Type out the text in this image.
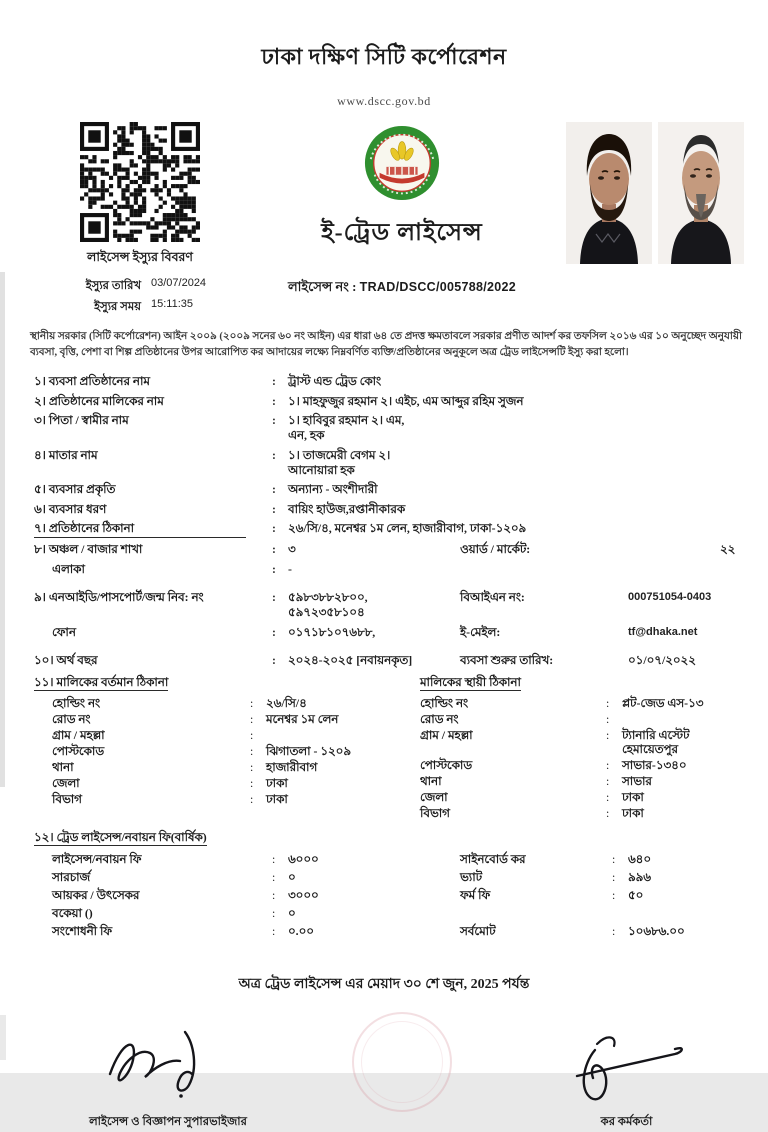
ঢাকা দক্ষিণ সিটি কর্পোরেশন
www.dscc.gov.bd
লাইসেন্স ইস্যুর বিবরণ
ইস্যুর তারিখ 03/07/2024
ইস্যুর সময় 15:11:35
ই-ট্রেড লাইসেন্স
লাইসেন্স নং : TRAD/DSCC/005788/2022
স্থানীয় সরকার (সিটি কর্পোরেশন) আইন ২০০৯ (২০০৯ সনের ৬০ নং আইন) এর ধারা ৬৪ তে প্রদত্ত ক্ষমতাবলে সরকার প্রণীত আদর্শ কর তফসিল ২০১৬ এর ১০ অনুচ্ছেদ অনুযায়ী ব্যবসা, বৃত্তি, পেশা বা শিল্প প্রতিষ্ঠানের উপর আরোপিত কর আদায়ের লক্ষ্যে নিম্নবর্ণিত ব্যক্তি/প্রতিষ্ঠানের অনুকূলে অত্র ট্রেড লাইসেন্সটি ইস্যু করা হলো।
১। ব্যবসা প্রতিষ্ঠানের নাম	:	ট্রাস্ট এন্ড ট্রেড কোং
২। প্রতিষ্ঠানের মালিকের নাম	:	১। মাহফুজুর রহমান ২। এইচ, এম আব্দুর রহিম সুজন
৩। পিতা / স্বামীর নাম	:	১। হাবিবুর রহমান ২। এম,
এন, হক
৪। মাতার নাম	:	১। তাজমেরী বেগম ২।
আনোয়ারা হক
৫। ব্যবসার প্রকৃতি	:	অন্যান্য - অংশীদারী
৬। ব্যবসার ধরণ	:	বায়িং হাউজ,রপ্তানীকারক
৭। প্রতিষ্ঠানের ঠিকানা	:	২৬/সি/৪, মনেশ্বর ১ম লেন, হাজারীবাগ, ঢাকা-১২০৯
৮। অঞ্চল / বাজার শাখা	:	৩	ওয়ার্ড / মার্কেট:	২২
এলাকা	:	-
৯। এনআইডি/পাসপোর্ট/জন্ম নিব: নং	:	৫৯৮৩৮৮২৮০০,
৫৯৭২৩৫৮১০৪
বিআইএন নং:	000751054-0403
ফোন	:	০১৭১৮১০৭৬৮৮,	ই-মেইল:	tf@dhaka.net
১০। অর্থ বছর	:	২০২৪-২০২৫ [নবায়নকৃত]	ব্যবসা শুরুর তারিখ:	০১/০৭/২০২২
১১। মালিকের বর্তমান ঠিকানা
হোল্ডিং নং	:	২৬/সি/৪
রোড নং	:	মনেশ্বর ১ম লেন
গ্রাম / মহল্লা	:
পোস্টকোড	:	ঝিগাতলা - ১২০৯
থানা	:	হাজারীবাগ
জেলা	:	ঢাকা
বিভাগ	:	ঢাকা
মালিকের স্থায়ী ঠিকানা
হোল্ডিং নং	:	প্লট-জেড এস-১৩
রোড নং	:
গ্রাম / মহল্লা	:	ট্যানারি এস্টেট হেমায়েতপুর
পোস্টকোড	:	সাভার-১৩৪০
থানা	:	সাভার
জেলা	:	ঢাকা
বিভাগ	:	ঢাকা
১২। ট্রেড লাইসেন্স/নবায়ন ফি(বার্ষিক)
লাইসেন্স/নবায়ন ফি	:	৬০০০	সাইনবোর্ড কর	:	৬৪০
সারচার্জ	:	০	ভ্যাট	:	৯৯৬
আয়কর / উৎসেকর	:	৩০০০	ফর্ম ফি	:	৫০
বকেয়া ()	:	০
সংশোধনী ফি	:	০.০০	সর্বমোট	:	১০৬৮৬.০০
অত্র ট্রেড লাইসেন্স এর মেয়াদ ৩০ শে জুন, 2025 পর্যন্ত
লাইসেন্স ও বিজ্ঞাপন সুপারভাইজার	কর কর্মকর্তা
